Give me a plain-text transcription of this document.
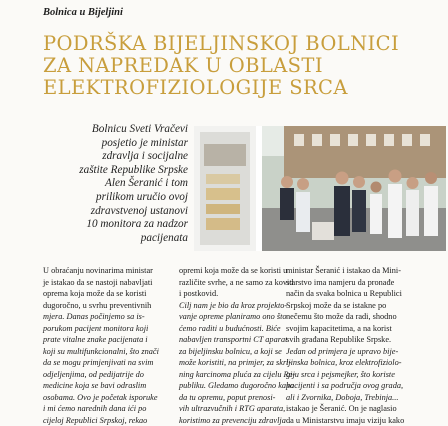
Bolnica u Bijeljini
PODRŠKA BIJELJINSKOJ BOLNICI
ZA NAPREDAK U OBLASTI
ELEKTROFIZIOLOGIJE SRCA
Bolnicu Sveti Vračevi
posjetio je ministar
zdravlja i socijalne
zaštite Republike Srpske
Alen Šeranić i tom
prilikom uručio ovoj
zdravstvenoj ustanovi
10 monitora za nadzor
pacijenata
U obraćanju novinarima ministar
je istakao da se nastoji nabavljati
oprema koja može da se koristi
dugoročno, u svrhu preventivnih
mjera. Danas počinjemo sa is-
porukom pacijent monitora koji
prate vitalne znake pacijenata i
koji su multifunkcionalni, što znači
da se mogu primjenjivati na svim
odjeljenjima, od pedijatrije do
medicine koja se bavi odraslim
osobama. Ovo je početak isporuke
i mi ćemo narednih dana ići po
cijeloj Republici Srpskoj, rekao
opremi koja može da se koristi u
različite svrhe, a ne samo za kovid
i postkovid.
Cilj nam je bio da kroz projekto-
vanje opreme planiramo ono što
ćemo raditi u budućnosti. Biće
nabavljen transportni CT aparat
za bijeljinsku bolnicu, a koji se
može koristiti, na primjer, za skri-
ning karcinoma pluća za cijelu Re-
publiku. Gledamo dugoročno kako
da tu opremu, poput prenosi-
vih ultrazvučnih i RTG aparata,
koristimo za prevenciju zdravlja
ministar Šeranić i istakao da Mini-
starstvo ima namjeru da pronađe
način da svaka bolnica u Republici
Srpskoj može da se istakne po
nečemu što može da radi, shodno
svojim kapacitetima, a na korist
svih građana Republike Srpske.
Jedan od primjera je upravo bije-
ljinska bolnica, kroz elektrofiziolo-
giju srca i pejsmejker, što koriste
pacijenti i sa područja ovog grada,
ali i Zvornika, Doboja, Trebinja...
istakao je Šeranić. On je naglasio
da u Ministarstvu imaju viziju kako
